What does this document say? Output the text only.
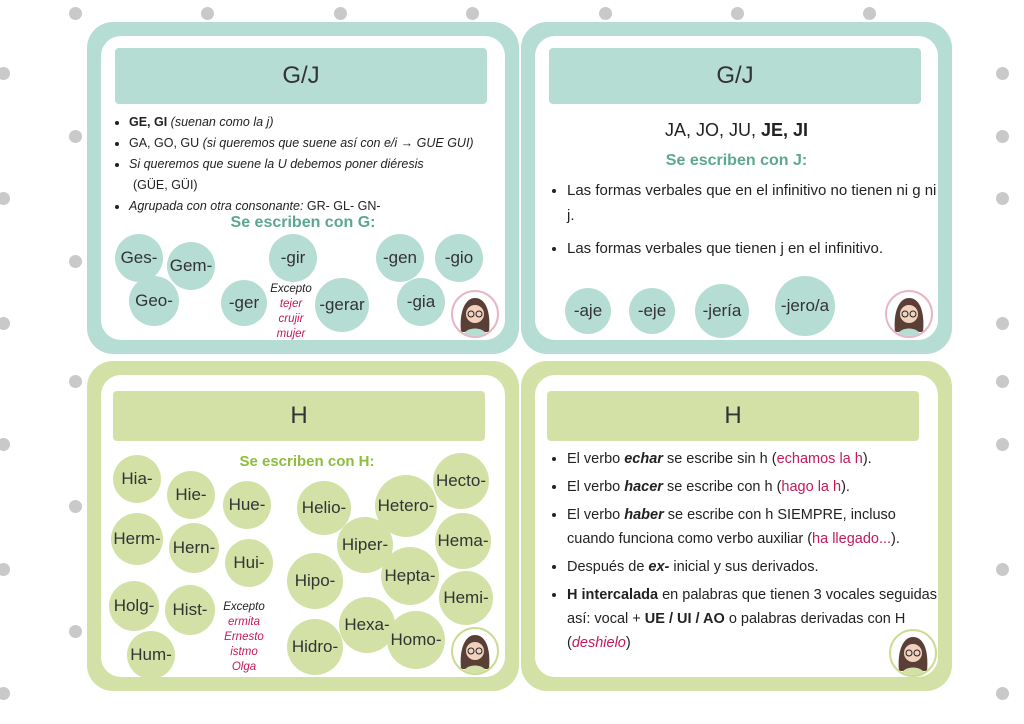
G/J
• GE, GI (suenan como la j)
• GA, GO, GU (si queremos que suene así con e/i → GUE GUI)
• Si queremos que suene la U debemos poner diéresis
(GÜE, GÜI)
• Agrupada con otra consonante: GR- GL- GN-
Se escriben con G:
Ges- Gem-
Geo-	-ger
-gir
-gerar
-gen
-gia
-gio
Excepto
tejer
crujir
mujer
G/J
JA, JO, JU, JE, JI
Se escriben con J:
• Las formas verbales que en el infinitivo no tienen ni g ni j.
• Las formas verbales que tienen j en el infinitivo.
-aje	-eje	-jería	-jero/a
H
Se escriben con H:
Hia-
Hie-
Hue-
Herm- Hern-
Hui-
Holg-	Hist-
Hum-
Excepto
ermita
Ernesto
istmo
Olga
Helio- Hetero-
Hecto-
Hiper-	Hema-
Hipo-	Hepta-
Hemi-
Hexa-
Hidro-	Homo-
H
• El verbo echar se escribe sin h (echamos la h).
• El verbo hacer se escribe con h (hago la h).
• El verbo haber se escribe con h SIEMPRE, incluso cuando funciona como verbo auxiliar (ha llegado...).
• Después de ex- inicial y sus derivados.
• H intercalada en palabras que tienen 3 vocales seguidas así: vocal + UE / UI / AO o palabras derivadas con H (deshielo)
